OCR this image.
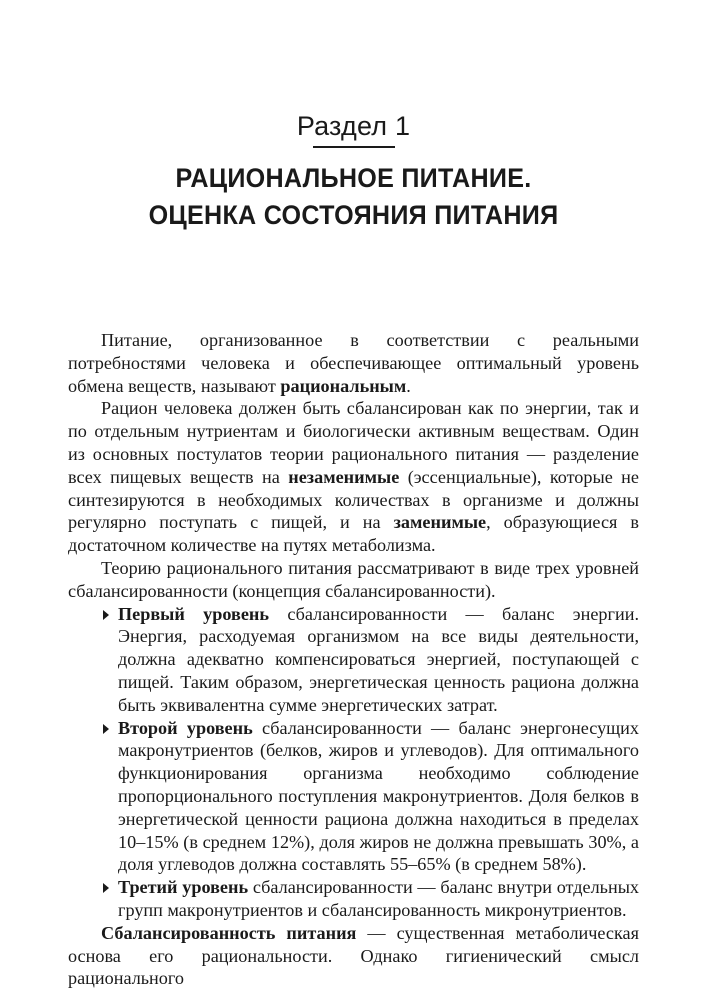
Раздел 1
РАЦИОНАЛЬНОЕ ПИТАНИЕ.
ОЦЕНКА СОСТОЯНИЯ ПИТАНИЯ

Питание, организованное в соответствии с реальными потребностями человека и обеспечивающее оптимальный уровень обмена веществ, называют рациональным.

Рацион человека должен быть сбалансирован как по энергии, так и по отдельным нутриентам и биологически активным веществам. Один из основных постулатов теории рационального питания — разделение всех пищевых веществ на незаменимые (эссенциальные), которые не синтезируются в необходимых количествах в организме и должны регулярно поступать с пищей, и на заменимые, образующиеся в достаточном количестве на путях метаболизма.

Теорию рационального питания рассматривают в виде трех уровней сбалансированности (концепция сбалансированности).

Первый уровень сбалансированности — баланс энергии. Энергия, расходуемая организмом на все виды деятельности, должна адекватно компенсироваться энергией, поступающей с пищей. Таким образом, энергетическая ценность рациона должна быть эквивалентна сумме энергетических затрат.
Второй уровень сбалансированности — баланс энергонесущих макронутриентов (белков, жиров и углеводов). Для оптимального функционирования организма необходимо соблюдение пропорционального поступления макронутриентов. Доля белков в энергетической ценности рациона должна находиться в пределах 10–15% (в среднем 12%), доля жиров не должна превышать 30%, а доля углеводов должна составлять 55–65% (в среднем 58%).
Третий уровень сбалансированности — баланс внутри отдельных групп макронутриентов и сбалансированность микронутриентов.

Сбалансированность питания — существенная метаболическая основа его рациональности. Однако гигиенический смысл рационального
